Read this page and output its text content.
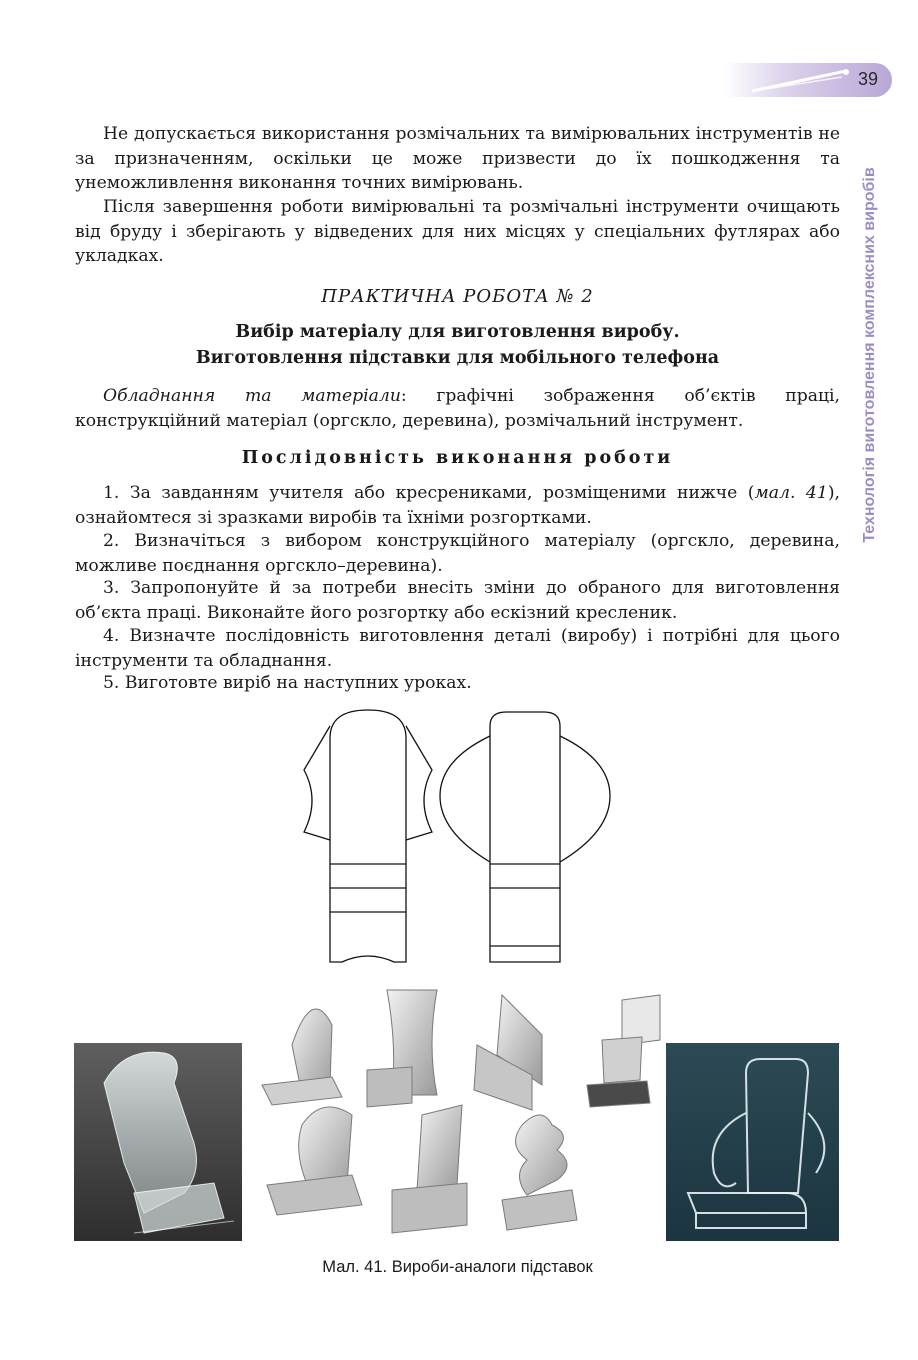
39
Технологія виготовлення комплексних виробів

Не допускається використання розмічальних та вимірювальних інструментів не за призначенням, оскільки це може призвести до їх пошкодження та унеможливлення виконання точних вимірювань.

Після завершення роботи вимірювальні та розмічальні інструменти очищають від бруду і зберігають у відведених для них місцях у спеціальних футлярах або укладках.

ПРАКТИЧНА РОБОТА № 2

Вибір матеріалу для виготовлення виробу.

Виготовлення підставки для мобільного телефона

Обладнання та матеріали: графічні зображення об’єктів праці, конструкційний матеріал (оргскло, деревина), розмічальний інструмент.

Послідовність виконання роботи

1. За завданням учителя або кресрениками, розміщеними нижче (мал. 41), ознайомтеся зі зразками виробів та їхніми розгортками.

2. Визначіться з вибором конструкційного матеріалу (оргскло, деревина, можливе поєднання оргскло–деревина).

3. Запропонуйте й за потреби внесіть зміни до обраного для виготовлення об’єкта праці. Виконайте його розгортку або ескізний кресленик.

4. Визначте послідовність виготовлення деталі (виробу) і потрібні для цього інструменти та обладнання.

5. Виготовте виріб на наступних уроках.

Мал. 41. Вироби-аналоги підставок
